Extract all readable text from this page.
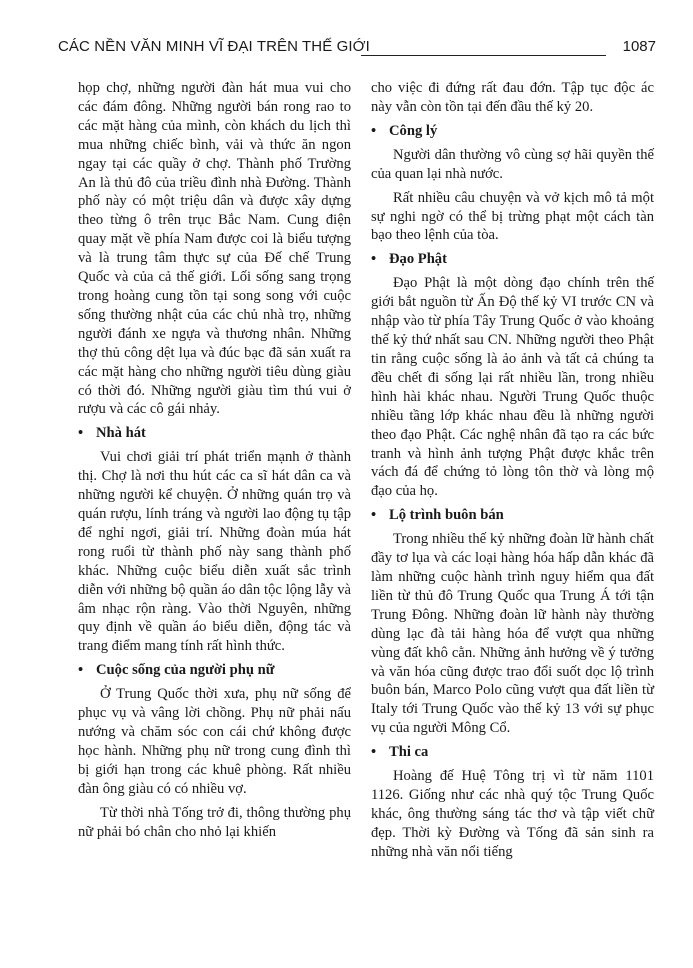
CÁC NỀN VĂN MINH VĨ ĐẠI TRÊN THẾ GIỚI	1087

họp chợ, những người đàn hát mua vui cho các đám đông. Những người bán rong rao to các mặt hàng của mình, còn khách du lịch thì mua những chiếc bình, vải và thức ăn ngon ngay tại các quầy ở chợ. Thành phố Trường An là thủ đô của triều đình nhà Đường. Thành phố này có một triệu dân và được xây dựng theo từng ô trên trục Bắc Nam. Cung điện quay mặt về phía Nam được coi là biểu tượng và là trung tâm thực sự của Đế chế Trung Quốc và của cả thế giới. Lối sống sang trọng trong hoàng cung tồn tại song song với cuộc sống thường nhật của các chủ nhà trọ, những người đánh xe ngựa và thương nhân. Những thợ thủ công dệt lụa và đúc bạc đã sản xuất ra các mặt hàng cho những người tiêu dùng giàu có thời đó. Những người giàu tìm thú vui ở rượu và các cô gái nhảy.

• Nhà hát

Vui chơi giải trí phát triển mạnh ở thành thị. Chợ là nơi thu hút các ca sĩ hát dân ca và những người kể chuyện. Ở những quán trọ và quán rượu, lính tráng và người lao động tụ tập để nghỉ ngơi, giải trí. Những đoàn múa hát rong ruổi từ thành phố này sang thành phố khác. Những cuộc biểu diễn xuất sắc trình diễn với những bộ quần áo dân tộc lộng lẫy và âm nhạc rộn ràng. Vào thời Nguyên, những quy định về quần áo biểu diễn, động tác và trang điểm mang tính rất hình thức.

• Cuộc sống của người phụ nữ

Ở Trung Quốc thời xưa, phụ nữ sống để phục vụ và vâng lời chồng. Phụ nữ phải nấu nướng và chăm sóc con cái chứ không được học hành. Những phụ nữ trong cung đình thì bị giới hạn trong các khuê phòng. Rất nhiều đàn ông giàu có có nhiều vợ.

Từ thời nhà Tống trở đi, thông thường phụ nữ phải bó chân cho nhỏ lại khiến

cho việc đi đứng rất đau đớn. Tập tục độc ác này vẫn còn tồn tại đến đầu thế kỷ 20.

• Công lý

Người dân thường vô cùng sợ hãi quyền thế của quan lại nhà nước.

Rất nhiều câu chuyện và vở kịch mô tả một sự nghi ngờ có thể bị trừng phạt một cách tàn bạo theo lệnh của tòa.

• Đạo Phật

Đạo Phật là một dòng đạo chính trên thế giới bắt nguồn từ Ấn Độ thế kỷ VI trước CN và nhập vào từ phía Tây Trung Quốc ở vào khoảng thế kỷ thứ nhất sau CN. Những người theo Phật tin rằng cuộc sống là ảo ảnh và tất cả chúng ta đều chết đi sống lại rất nhiều lần, trong nhiều hình hài khác nhau. Người Trung Quốc thuộc nhiều tầng lớp khác nhau đều là những người theo đạo Phật. Các nghệ nhân đã tạo ra các bức tranh và hình ảnh tượng Phật được khắc trên vách đá để chứng tỏ lòng tôn thờ và lòng mộ đạo của họ.

• Lộ trình buôn bán

Trong nhiều thế kỷ những đoàn lữ hành chất đầy tơ lụa và các loại hàng hóa hấp dẫn khác đã làm những cuộc hành trình nguy hiểm qua đất liền từ thủ đô Trung Quốc qua Trung Á tới tận Trung Đông. Những đoàn lữ hành này thường dùng lạc đà tải hàng hóa để vượt qua những vùng đất khô cằn. Những ảnh hưởng về ý tưởng và văn hóa cũng được trao đổi suốt dọc lộ trình buôn bán, Marco Polo cũng vượt qua đất liền từ Italy tới Trung Quốc vào thế kỷ 13 với sự phục vụ của người Mông Cổ.

• Thi ca

Hoàng đế Huệ Tông trị vì từ năm 1101 1126. Giống như các nhà quý tộc Trung Quốc khác, ông thường sáng tác thơ và tập viết chữ đẹp. Thời kỳ Đường và Tống đã sản sinh ra những nhà văn nổi tiếng
